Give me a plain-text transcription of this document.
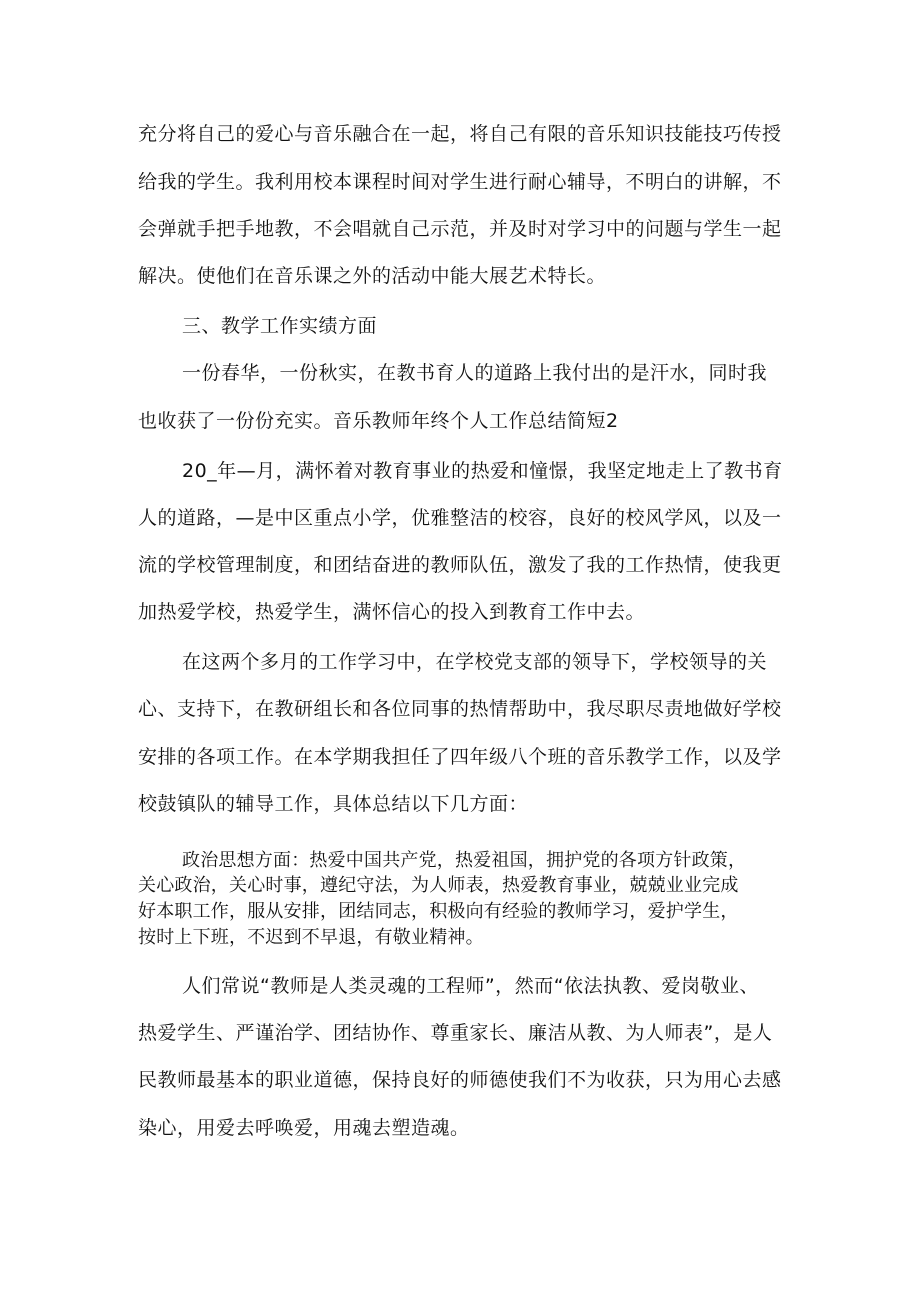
充分将自己的爱心与音乐融合在一起，将自己有限的音乐知识技能技巧传授
给我的学生。我利用校本课程时间对学生进行耐心辅导，不明白的讲解，不
会弹就手把手地教，不会唱就自己示范，并及时对学习中的问题与学生一起
解决。使他们在音乐课之外的活动中能大展艺术特长。
三、教学工作实绩方面
一份春华，一份秋实，在教书育人的道路上我付出的是汗水，同时我
也收获了一份份充实。音乐教师年终个人工作总结简短2
20_年—月，满怀着对教育事业的热爱和憧憬，我坚定地走上了教书育
人的道路，—是中区重点小学，优雅整洁的校容，良好的校风学风，以及一
流的学校管理制度，和团结奋进的教师队伍，激发了我的工作热情，使我更
加热爱学校，热爱学生，满怀信心的投入到教育工作中去。
在这两个多月的工作学习中，在学校党支部的领导下，学校领导的关
心、支持下，在教研组长和各位同事的热情帮助中，我尽职尽责地做好学校
安排的各项工作。在本学期我担任了四年级八个班的音乐教学工作，以及学
校鼓镇队的辅导工作，具体总结以下几方面：
政治思想方面：热爱中国共产党，热爱祖国，拥护党的各项方针政策，
关心政治，关心时事，遵纪守法，为人师表，热爱教育事业，兢兢业业完成
好本职工作，服从安排，团结同志，积极向有经验的教师学习，爱护学生，
按时上下班，不迟到不早退，有敬业精神。
人们常说“教师是人类灵魂的工程师”，然而“依法执教、爱岗敬业、
热爱学生、严谨治学、团结协作、尊重家长、廉洁从教、为人师表”，是人
民教师最基本的职业道德，保持良好的师德使我们不为收获，只为用心去感
染心，用爱去呼唤爱，用魂去塑造魂。
